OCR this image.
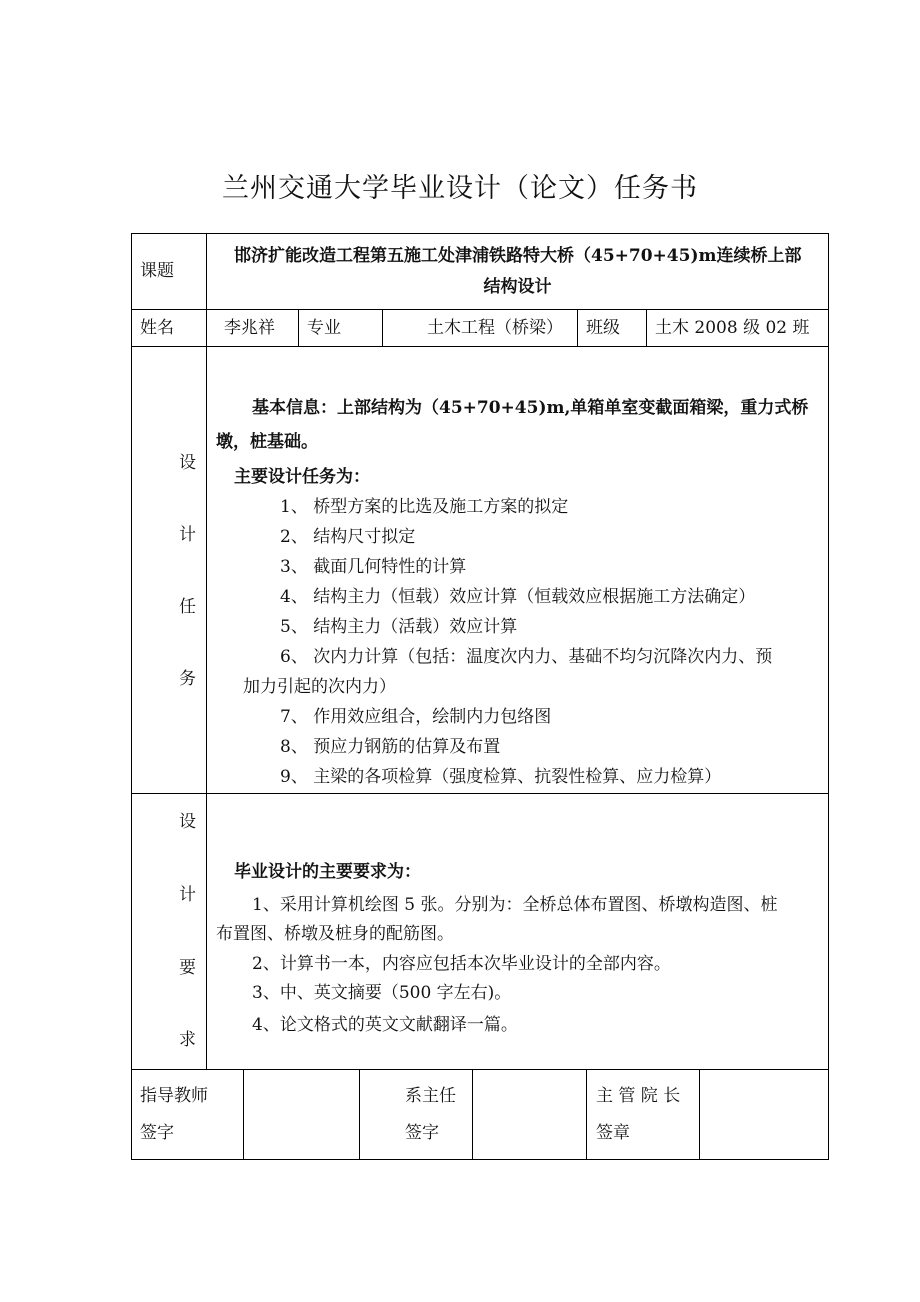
兰州交通大学毕业设计（论文）任务书
课题
邯济扩能改造工程第五施工处津浦铁路特大桥（45+70+45)m连续桥上部
结构设计
姓名	李兆祥 专业	土木工程（桥梁） 班级 土木 2008 级 02 班
设
计
任
务
基本信息：上部结构为（45+70+45)m,单箱单室变截面箱梁，重力式桥
墩，桩基础。
主要设计任务为：
1、 桥型方案的比选及施工方案的拟定
2、 结构尺寸拟定
3、 截面几何特性的计算
4、 结构主力（恒载）效应计算（恒载效应根据施工方法确定）
5、 结构主力（活载）效应计算
6、 次内力计算（包括：温度次内力、基础不均匀沉降次内力、预
加力引起的次内力）
7、 作用效应组合，绘制内力包络图
8、 预应力钢筋的估算及布置
9、 主梁的各项检算（强度检算、抗裂性检算、应力检算）
设
计
要
求
毕业设计的主要要求为：
1、采用计算机绘图 5 张。分别为：全桥总体布置图、桥墩构造图、桩
布置图、桥墩及桩身的配筋图。
2、计算书一本，内容应包括本次毕业设计的全部内容。
3、中、英文摘要（500 字左右)。
4、论文格式的英文文献翻译一篇。
指导教师
签字
系主任
签字
主 管 院 长
签章
